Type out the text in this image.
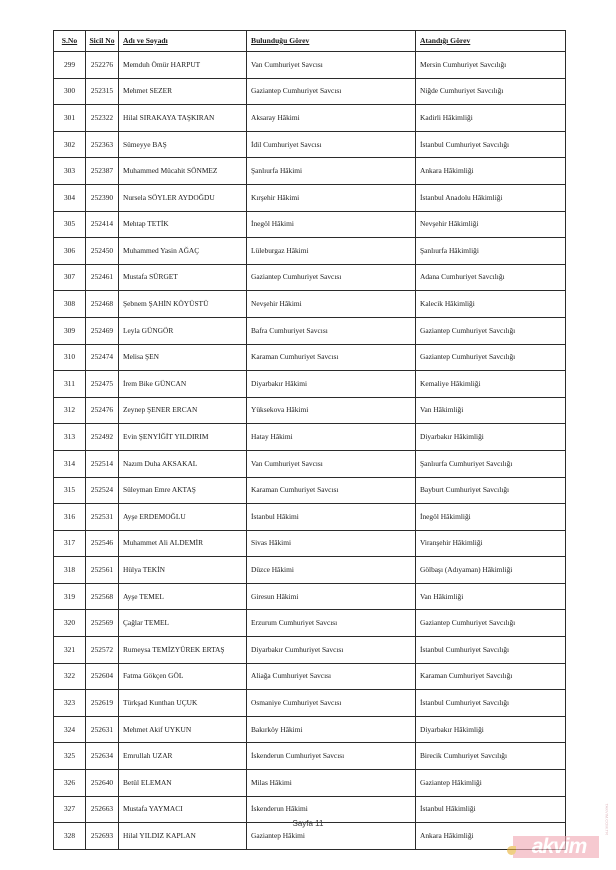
S.No	Sicil No	Adı ve Soyadı	Bulunduğu Görev	Atandığı Görev
299	252276	Memduh Ömür HARPUT	Van Cumhuriyet Savcısı	Mersin Cumhuriyet Savcılığı
300	252315	Mehmet SEZER	Gaziantep Cumhuriyet Savcısı	Niğde Cumhuriyet Savcılığı
301	252322	Hilal SIRAKAYA TAŞKIRAN	Aksaray Hâkimi	Kadirli Hâkimliği
302	252363	Sümeyye BAŞ	İdil Cumhuriyet Savcısı	İstanbul Cumhuriyet Savcılığı
303	252387	Muhammed Mücahit SÖNMEZ	Şanlıurfa Hâkimi	Ankara Hâkimliği
304	252390	Nursela SÖYLER AYDOĞDU	Kırşehir Hâkimi	İstanbul Anadolu Hâkimliği
305	252414	Mehtap TETİK	İnegöl Hâkimi	Nevşehir Hâkimliği
306	252450	Muhammed Yasin AĞAÇ	Lüleburgaz Hâkimi	Şanlıurfa Hâkimliği
307	252461	Mustafa SÜRGET	Gaziantep Cumhuriyet Savcısı	Adana Cumhuriyet Savcılığı
308	252468	Şebnem ŞAHİN KÖYÜSTÜ	Nevşehir Hâkimi	Kalecik Hâkimliği
309	252469	Leyla GÜNGÖR	Bafra Cumhuriyet Savcısı	Gaziantep Cumhuriyet Savcılığı
310	252474	Melisa ŞEN	Karaman Cumhuriyet Savcısı	Gaziantep Cumhuriyet Savcılığı
311	252475	İrem Bike GÜNCAN	Diyarbakır Hâkimi	Kemaliye Hâkimliği
312	252476	Zeynep ŞENER ERCAN	Yüksekova Hâkimi	Van Hâkimliği
313	252492	Evin ŞENYİĞİT YILDIRIM	Hatay Hâkimi	Diyarbakır Hâkimliği
314	252514	Nazım Duha AKSAKAL	Van Cumhuriyet Savcısı	Şanlıurfa Cumhuriyet Savcılığı
315	252524	Süleyman Emre AKTAŞ	Karaman Cumhuriyet Savcısı	Bayburt Cumhuriyet Savcılığı
316	252531	Ayşe ERDEMOĞLU	İstanbul Hâkimi	İnegöl Hâkimliği
317	252546	Muhammet Ali ALDEMİR	Sivas Hâkimi	Viranşehir Hâkimliği
318	252561	Hülya TEKİN	Düzce Hâkimi	Gölbaşı (Adıyaman) Hâkimliği
319	252568	Ayşe TEMEL	Giresun Hâkimi	Van Hâkimliği
320	252569	Çağlar TEMEL	Erzurum Cumhuriyet Savcısı	Gaziantep Cumhuriyet Savcılığı
321	252572	Rumeysa TEMİZYÜREK ERTAŞ	Diyarbakır Cumhuriyet Savcısı	İstanbul Cumhuriyet Savcılığı
322	252604	Fatma Gökçen GÖL	Aliağa Cumhuriyet Savcısı	Karaman Cumhuriyet Savcılığı
323	252619	Türkşad Kunthan UÇUK	Osmaniye Cumhuriyet Savcısı	İstanbul Cumhuriyet Savcılığı
324	252631	Mehmet Akif UYKUN	Bakırköy Hâkimi	Diyarbakır Hâkimliği
325	252634	Emrullah UZAR	İskenderun Cumhuriyet Savcısı	Birecik Cumhuriyet Savcılığı
326	252640	Betül ELEMAN	Milas Hâkimi	Gaziantep Hâkimliği
327	252663	Mustafa YAYMACI	İskenderun Hâkimi	İstanbul Hâkimliği
328	252693	Hilal YILDIZ KAPLAN	Gaziantep Hâkimi	Ankara Hâkimliği
Sayfa 11
akvim
TAKVIM.COM.TR
